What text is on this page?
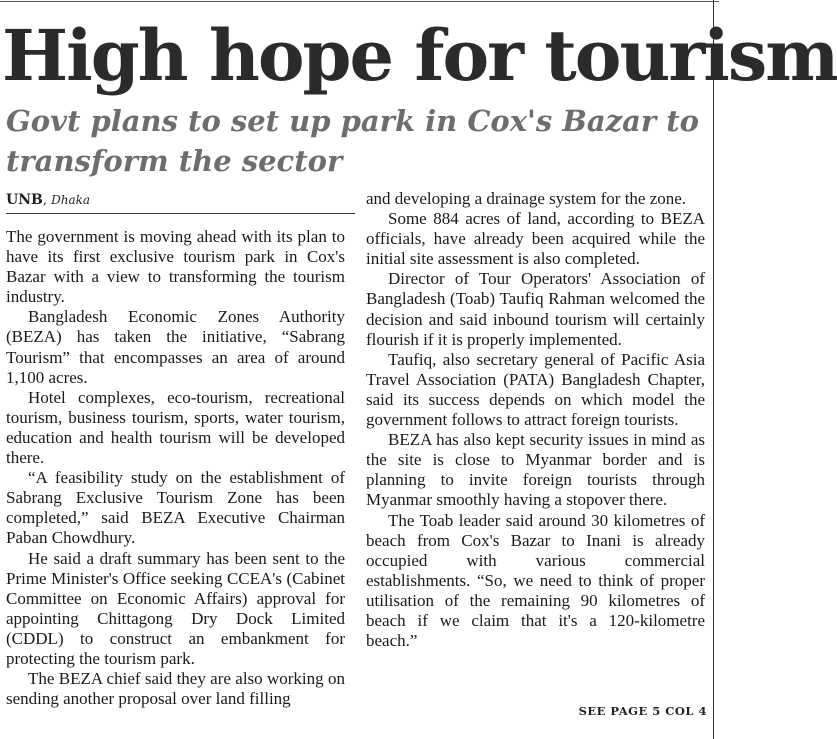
High hope for tourism
Govt plans to set up park in Cox's Bazar to transform the sector
UNB, Dhaka

The government is moving ahead with its plan to have its first exclusive tourism park in Cox's Bazar with a view to transforming the tourism industry.

Bangladesh Economic Zones Authority (BEZA) has taken the initiative, “Sabrang Tourism” that encompasses an area of around 1,100 acres.

Hotel complexes, eco-tourism, recreational tourism, business tourism, sports, water tourism, education and health tourism will be developed there.

“A feasibility study on the establishment of Sabrang Exclusive Tourism Zone has been completed,” said BEZA Executive Chairman Paban Chowdhury.

He said a draft summary has been sent to the Prime Minister's Office seeking CCEA's (Cabinet Committee on Economic Affairs) approval for appointing Chittagong Dry Dock Limited (CDDL) to construct an embankment for protecting the tourism park.

The BEZA chief said they are also working on sending another proposal over land filling

and developing a drainage system for the zone.

Some 884 acres of land, according to BEZA officials, have already been acquired while the initial site assessment is also completed.

Director of Tour Operators' Association of Bangladesh (Toab) Taufiq Rahman welcomed the decision and said inbound tourism will certainly flourish if it is properly implemented.

Taufiq, also secretary general of Pacific Asia Travel Association (PATA) Bangladesh Chapter, said its success depends on which model the government follows to attract foreign tourists.

BEZA has also kept security issues in mind as the site is close to Myanmar border and is planning to invite foreign tourists through Myanmar smoothly having a stopover there.

The Toab leader said around 30 kilometres of beach from Cox's Bazar to Inani is already occupied with various commercial establishments. “So, we need to think of proper utilisation of the remaining 90 kilometres of beach if we claim that it's a 120-kilometre beach.”

SEE PAGE 5 COL 4
